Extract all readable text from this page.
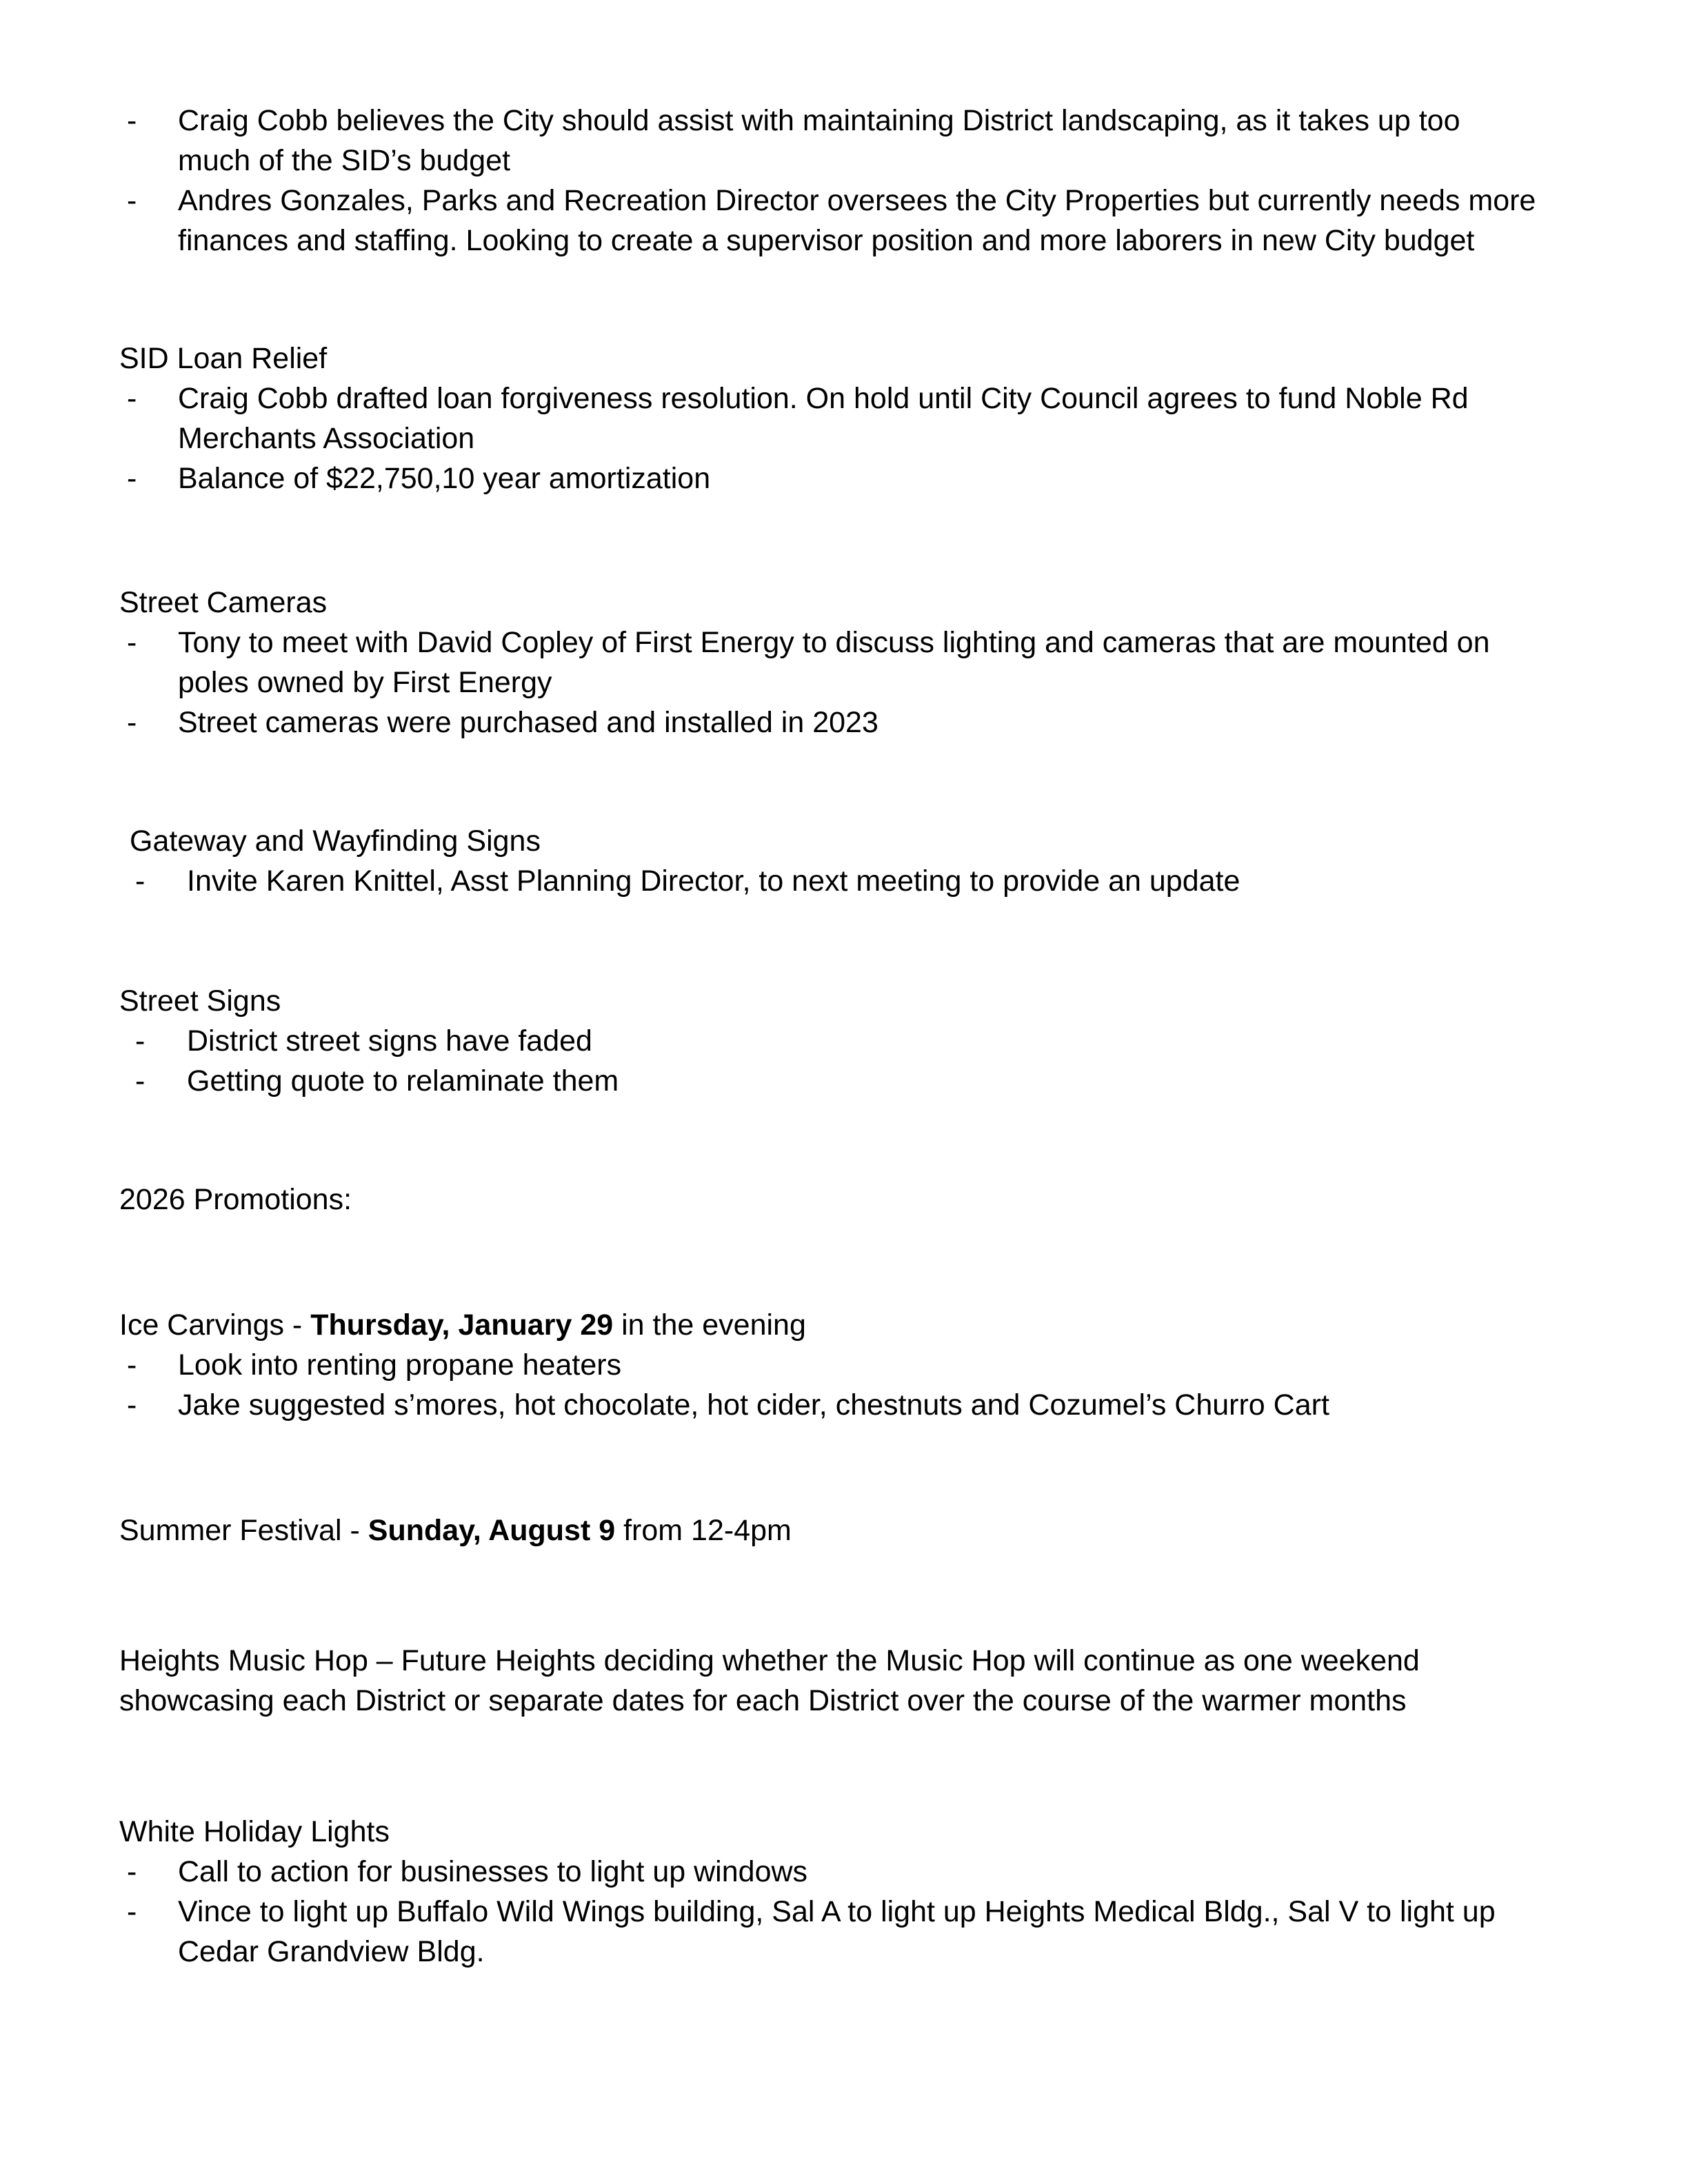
- Craig Cobb believes the City should assist with maintaining District landscaping, as it takes up too
much of the SID’s budget
- Andres Gonzales, Parks and Recreation Director oversees the City Properties but currently needs more
finances and staffing. Looking to create a supervisor position and more laborers in new City budget
SID Loan Relief
- Craig Cobb drafted loan forgiveness resolution. On hold until City Council agrees to fund Noble Rd
Merchants Association
- Balance of $22,750,10 year amortization
Street Cameras
- Tony to meet with David Copley of First Energy to discuss lighting and cameras that are mounted on
poles owned by First Energy
- Street cameras were purchased and installed in 2023
Gateway and Wayfinding Signs
- Invite Karen Knittel, Asst Planning Director, to next meeting to provide an update
Street Signs
- District street signs have faded
- Getting quote to relaminate them
2026 Promotions:
Ice Carvings - Thursday, January 29 in the evening
- Look into renting propane heaters
- Jake suggested s’mores, hot chocolate, hot cider, chestnuts and Cozumel’s Churro Cart
Summer Festival - Sunday, August 9 from 12-4pm
Heights Music Hop – Future Heights deciding whether the Music Hop will continue as one weekend
showcasing each District or separate dates for each District over the course of the warmer months
White Holiday Lights
- Call to action for businesses to light up windows
- Vince to light up Buffalo Wild Wings building, Sal A to light up Heights Medical Bldg., Sal V to light up
Cedar Grandview Bldg.
